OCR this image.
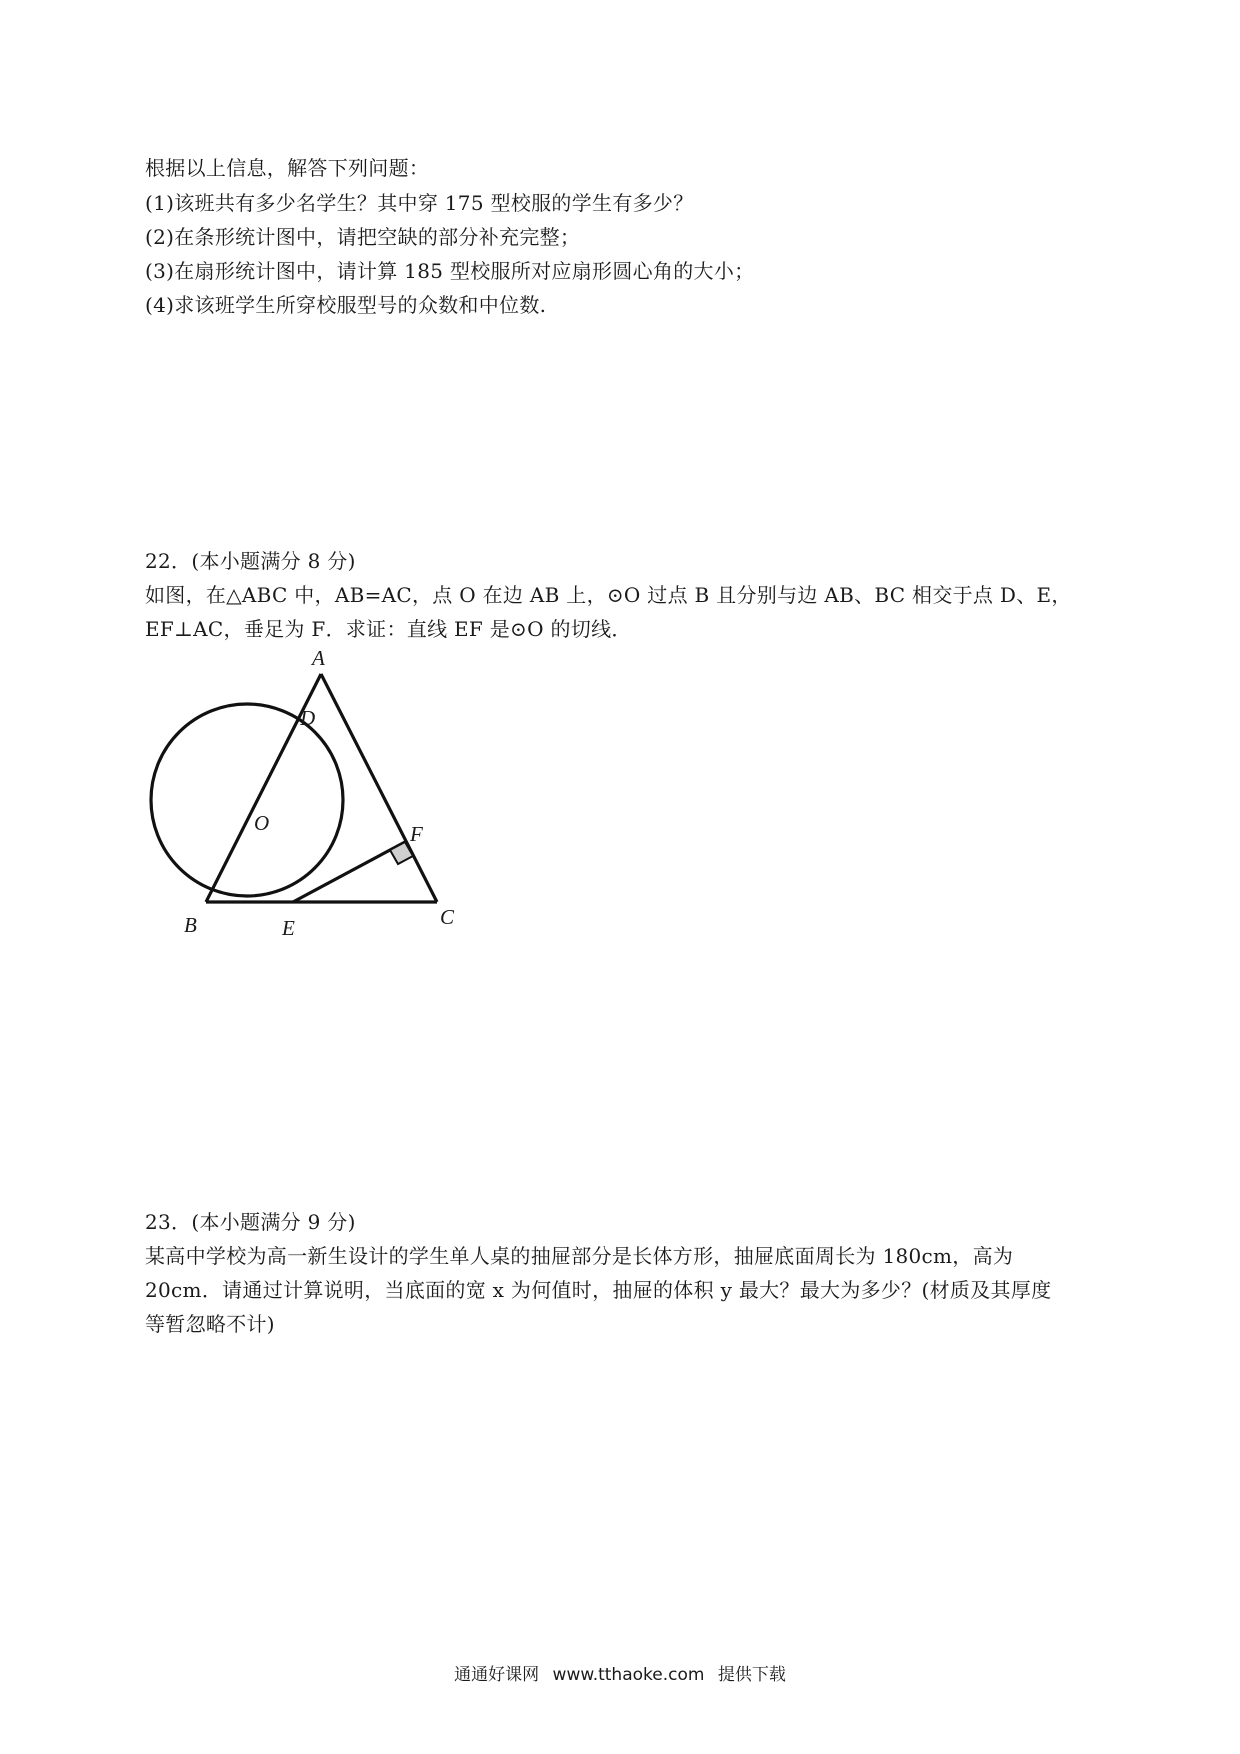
根据以上信息，解答下列问题：
(1)该班共有多少名学生？其中穿 175 型校服的学生有多少？
(2)在条形统计图中，请把空缺的部分补充完整；
(3)在扇形统计图中，请计算 185 型校服所对应扇形圆心角的大小；
(4)求该班学生所穿校服型号的众数和中位数.
22．(本小题满分 8 分)
如图，在△ABC 中，AB=AC，点 O 在边 AB 上，⊙O 过点 B 且分别与边 AB、BC 相交于点 D、E，
EF⊥AC，垂足为 F．求证：直线 EF 是⊙O 的切线．
A
D
O	F
B	E	C
23．(本小题满分 9 分)
某高中学校为高一新生设计的学生单人桌的抽屉部分是长体方形，抽屉底面周长为 180cm，高为
20cm．请通过计算说明，当底面的宽 x 为何值时，抽屉的体积 y 最大？最大为多少？(材质及其厚度
等暂忽略不计)
通通好课网 www.tthaoke.com 提供下载
